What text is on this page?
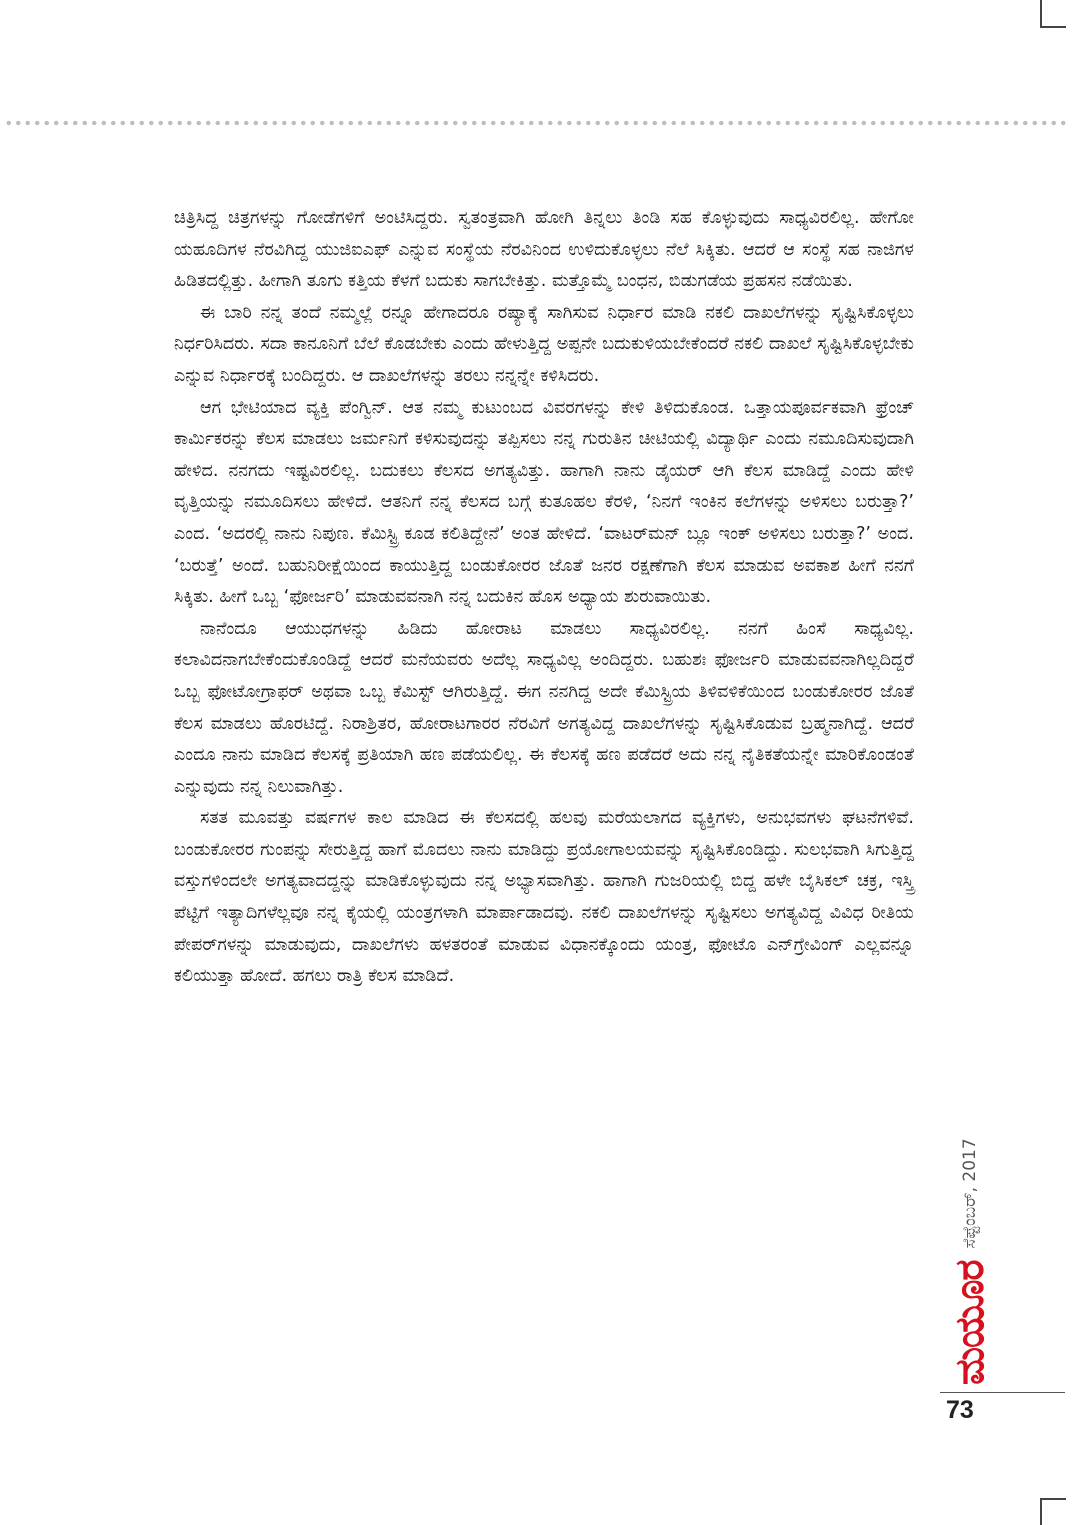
ಚಿತ್ರಿಸಿದ್ದ ಚಿತ್ರಗಳನ್ನು ಗೋಡೆಗಳಿಗೆ ಅಂಟಿಸಿದ್ದರು. ಸ್ವತಂತ್ರವಾಗಿ ಹೋಗಿ ತಿನ್ನಲು ತಿಂಡಿ ಸಹ ಕೊಳ್ಳುವುದು ಸಾಧ್ಯವಿರಲಿಲ್ಲ. ಹೇಗೋ ಯಹೂದಿಗಳ ನೆರವಿಗಿದ್ದ ಯುಜಿಐಎಫ್ ಎನ್ನುವ ಸಂಸ್ಥೆಯ ನೆರವಿನಿಂದ ಉಳಿದುಕೊಳ್ಳಲು ನೆಲೆ ಸಿಕ್ಕಿತು. ಆದರೆ ಆ ಸಂಸ್ಥೆ ಸಹ ನಾಜಿಗಳ ಹಿಡಿತದಲ್ಲಿತ್ತು. ಹೀಗಾಗಿ ತೂಗು ಕತ್ತಿಯ ಕೆಳಗೆ ಬದುಕು ಸಾಗಬೇಕಿತ್ತು. ಮತ್ತೊಮ್ಮೆ ಬಂಧನ, ಬಿಡುಗಡೆಯ ಪ್ರಹಸನ ನಡೆಯಿತು.

ಈ ಬಾರಿ ನನ್ನ ತಂದೆ ನಮ್ಮಲ್ಲೆ ರನ್ನೂ ಹೇಗಾದರೂ ರಷ್ಯಾಕ್ಕೆ ಸಾಗಿಸುವ ನಿರ್ಧಾರ ಮಾಡಿ ನಕಲಿ ದಾಖಲೆಗಳನ್ನು ಸೃಷ್ಟಿಸಿಕೊಳ್ಳಲು ನಿರ್ಧರಿಸಿದರು. ಸದಾ ಕಾನೂನಿಗೆ ಬೆಲೆ ಕೊಡಬೇಕು ಎಂದು ಹೇಳುತ್ತಿದ್ದ ಅಪ್ಪನೇ ಬದುಕುಳಿಯಬೇಕೆಂದರೆ ನಕಲಿ ದಾಖಲೆ ಸೃಷ್ಟಿಸಿಕೊಳ್ಳಬೇಕು ಎನ್ನುವ ನಿರ್ಧಾರಕ್ಕೆ ಬಂದಿದ್ದರು. ಆ ದಾಖಲೆಗಳನ್ನು ತರಲು ನನ್ನನ್ನೇ ಕಳಿಸಿದರು.

ಆಗ ಭೇಟಿಯಾದ ವ್ಯಕ್ತಿ ಪೆಂಗ್ವಿನ್. ಆತ ನಮ್ಮ ಕುಟುಂಬದ ವಿವರಗಳನ್ನು ಕೇಳಿ ತಿಳಿದುಕೊಂಡ. ಒತ್ತಾಯಪೂರ್ವಕವಾಗಿ ಫ್ರೆಂಚ್ ಕಾರ್ಮಿಕರನ್ನು ಕೆಲಸ ಮಾಡಲು ಜರ್ಮನಿಗೆ ಕಳಿಸುವುದನ್ನು ತಪ್ಪಿಸಲು ನನ್ನ ಗುರುತಿನ ಚೀಟಿಯಲ್ಲಿ ವಿದ್ಯಾರ್ಥಿ ಎಂದು ನಮೂದಿಸುವುದಾಗಿ ಹೇಳಿದ. ನನಗದು ಇಷ್ಟವಿರಲಿಲ್ಲ. ಬದುಕಲು ಕೆಲಸದ ಅಗತ್ಯವಿತ್ತು. ಹಾಗಾಗಿ ನಾನು ಡೈಯರ್ ಆಗಿ ಕೆಲಸ ಮಾಡಿದ್ದೆ ಎಂದು ಹೇಳಿ ವೃತ್ತಿಯನ್ನು ನಮೂದಿಸಲು ಹೇಳಿದೆ. ಆತನಿಗೆ ನನ್ನ ಕೆಲಸದ ಬಗ್ಗೆ ಕುತೂಹಲ ಕೆರಳಿ, ‘ನಿನಗೆ ಇಂಕಿನ ಕಲೆಗಳನ್ನು ಅಳಿಸಲು ಬರುತ್ತಾ?’ ಎಂದ. ‘ಅದರಲ್ಲಿ ನಾನು ನಿಪುಣ. ಕೆಮಿಸ್ಟ್ರಿ ಕೂಡ ಕಲಿತಿದ್ದೇನೆ’ ಅಂತ ಹೇಳಿದೆ. ‘ವಾಟರ್‌ಮನ್ ಬ್ಲೂ ಇಂಕ್ ಅಳಿಸಲು ಬರುತ್ತಾ?’ ಅಂದ. ‘ಬರುತ್ತೆ’ ಅಂದೆ. ಬಹುನಿರೀಕ್ಷೆಯಿಂದ ಕಾಯುತ್ತಿದ್ದ ಬಂಡುಕೋರರ ಜೊತೆ ಜನರ ರಕ್ಷಣೆಗಾಗಿ ಕೆಲಸ ಮಾಡುವ ಅವಕಾಶ ಹೀಗೆ ನನಗೆ ಸಿಕ್ಕಿತು. ಹೀಗೆ ಒಬ್ಬ ‘ಫೋರ್ಜರಿ’ ಮಾಡುವವನಾಗಿ ನನ್ನ ಬದುಕಿನ ಹೊಸ ಅಧ್ಯಾಯ ಶುರುವಾಯಿತು.

ನಾನೆಂದೂ ಆಯುಧಗಳನ್ನು ಹಿಡಿದು ಹೋರಾಟ ಮಾಡಲು ಸಾಧ್ಯವಿರಲಿಲ್ಲ. ನನಗೆ ಹಿಂಸೆ ಸಾಧ್ಯವಿಲ್ಲ. ಕಲಾವಿದನಾಗಬೇಕೆಂದುಕೊಂಡಿದ್ದೆ ಆದರೆ ಮನೆಯವರು ಅದೆಲ್ಲ ಸಾಧ್ಯವಿಲ್ಲ ಅಂದಿದ್ದರು. ಬಹುಶಃ ಫೋರ್ಜರಿ ಮಾಡುವವನಾಗಿಲ್ಲದಿದ್ದರೆ ಒಬ್ಬ ಫೋಟೋಗ್ರಾಫರ್ ಅಥವಾ ಒಬ್ಬ ಕೆಮಿಸ್ಟ್ ಆಗಿರುತ್ತಿದ್ದೆ. ಈಗ ನನಗಿದ್ದ ಅದೇ ಕೆಮಿಸ್ಟ್ರಿಯ ತಿಳಿವಳಿಕೆಯಿಂದ ಬಂಡುಕೋರರ ಜೊತೆ ಕೆಲಸ ಮಾಡಲು ಹೊರಟಿದ್ದೆ. ನಿರಾಶ್ರಿತರ, ಹೋರಾಟಗಾರರ ನೆರವಿಗೆ ಅಗತ್ಯವಿದ್ದ ದಾಖಲೆಗಳನ್ನು ಸೃಷ್ಟಿಸಿಕೊಡುವ ಬ್ರಹ್ಮನಾಗಿದ್ದೆ. ಆದರೆ ಎಂದೂ ನಾನು ಮಾಡಿದ ಕೆಲಸಕ್ಕೆ ಪ್ರತಿಯಾಗಿ ಹಣ ಪಡೆಯಲಿಲ್ಲ. ಈ ಕೆಲಸಕ್ಕೆ ಹಣ ಪಡೆದರೆ ಅದು ನನ್ನ ನೈತಿಕತೆಯನ್ನೇ ಮಾರಿಕೊಂಡಂತೆ ಎನ್ನುವುದು ನನ್ನ ನಿಲುವಾಗಿತ್ತು.

ಸತತ ಮೂವತ್ತು ವರ್ಷಗಳ ಕಾಲ ಮಾಡಿದ ಈ ಕೆಲಸದಲ್ಲಿ ಹಲವು ಮರೆಯಲಾಗದ ವ್ಯಕ್ತಿಗಳು, ಅನುಭವಗಳು ಘಟನೆಗಳಿವೆ. ಬಂಡುಕೋರರ ಗುಂಪನ್ನು ಸೇರುತ್ತಿದ್ದ ಹಾಗೆ ಮೊದಲು ನಾನು ಮಾಡಿದ್ದು ಪ್ರಯೋಗಾಲಯವನ್ನು ಸೃಷ್ಟಿಸಿಕೊಂಡಿದ್ದು. ಸುಲಭವಾಗಿ ಸಿಗುತ್ತಿದ್ದ ವಸ್ತುಗಳಿಂದಲೇ ಅಗತ್ಯವಾದದ್ದನ್ನು ಮಾಡಿಕೊಳ್ಳುವುದು ನನ್ನ ಅಭ್ಯಾಸವಾಗಿತ್ತು. ಹಾಗಾಗಿ ಗುಜರಿಯಲ್ಲಿ ಬಿದ್ದ ಹಳೇ ಬೈಸಿಕಲ್ ಚಕ್ರ, ಇಸ್ತ್ರಿ ಪೆಟ್ಟಿಗೆ ಇತ್ಯಾದಿಗಳೆಲ್ಲವೂ ನನ್ನ ಕೈಯಲ್ಲಿ ಯಂತ್ರಗಳಾಗಿ ಮಾರ್ಪಾಡಾದವು. ನಕಲಿ ದಾಖಲೆಗಳನ್ನು ಸೃಷ್ಟಿಸಲು ಅಗತ್ಯವಿದ್ದ ವಿವಿಧ ರೀತಿಯ ಪೇಪರ್‌ಗಳನ್ನು ಮಾಡುವುದು, ದಾಖಲೆಗಳು ಹಳತರಂತೆ ಮಾಡುವ ವಿಧಾನಕ್ಕೊಂದು ಯಂತ್ರ, ಫೋಟೊ ಎನ್‌ಗ್ರೇವಿಂಗ್ ಎಲ್ಲವನ್ನೂ ಕಲಿಯುತ್ತಾ ಹೋದೆ. ಹಗಲು ರಾತ್ರಿ ಕೆಲಸ ಮಾಡಿದೆ.

ಮಯೂರ
ಸೆಪ್ಟೆಂಬರ್, 2017
73
